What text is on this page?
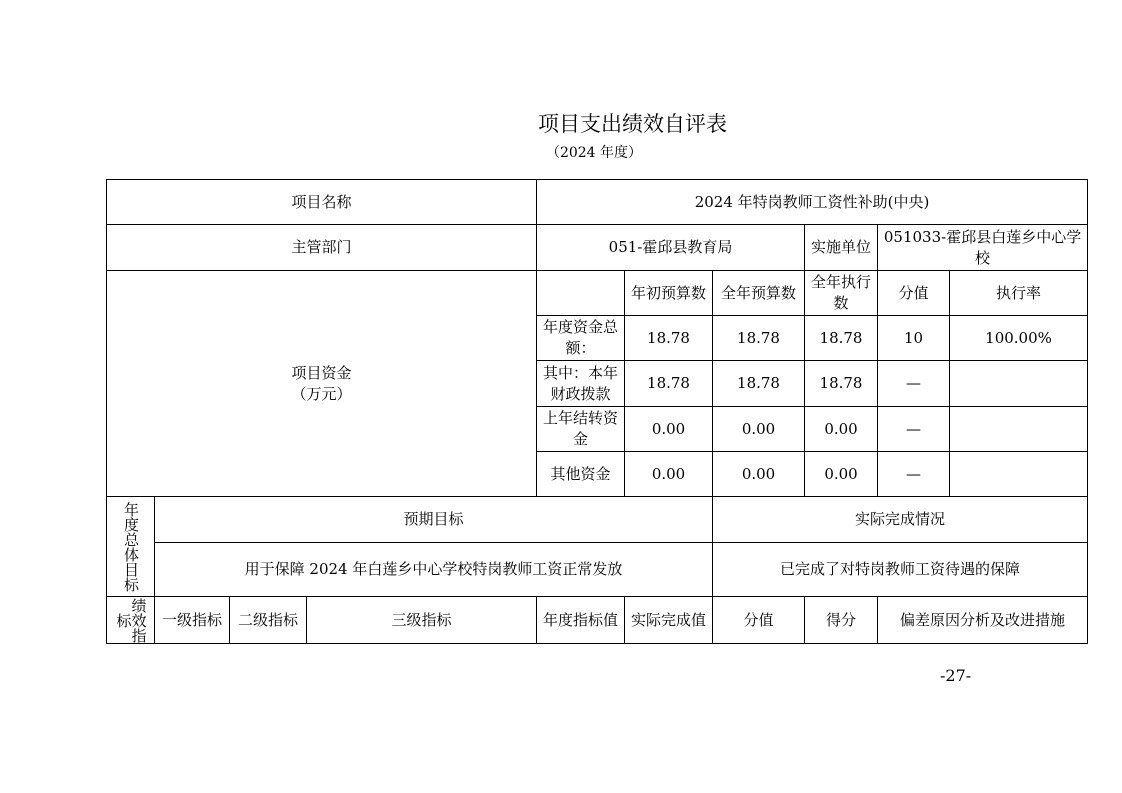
项目支出绩效自评表
（2024 年度）
项目名称				2024 年特岗教师工资性补助(中央)						
主管部门				051-霍邱县教育局			实施单位	051033-霍邱县白莲乡中心学校		
项目资金
（万元）					年初预算数	全年预算数	全年执行数	分值	执行率	
				年度资金总额：	18.78	18.78	18.78	10	100.00%	
				其中：本年财政拨款	18.78	18.78	18.78	—		
				上年结转资金	0.00	0.00	0.00	—		
				其他资金	0.00	0.00	0.00	—		

年度总体目标	预期目标					实际完成情况				
	用于保障 2024 年白莲乡中心学校特岗教师工资正常发放					已完成了对特岗教师工资待遇的保障				

绩效指标	一级指标	二级指标	三级指标	年度指标值	实际完成值	分值	得分	偏差原因分析及改进措施		
-27-
